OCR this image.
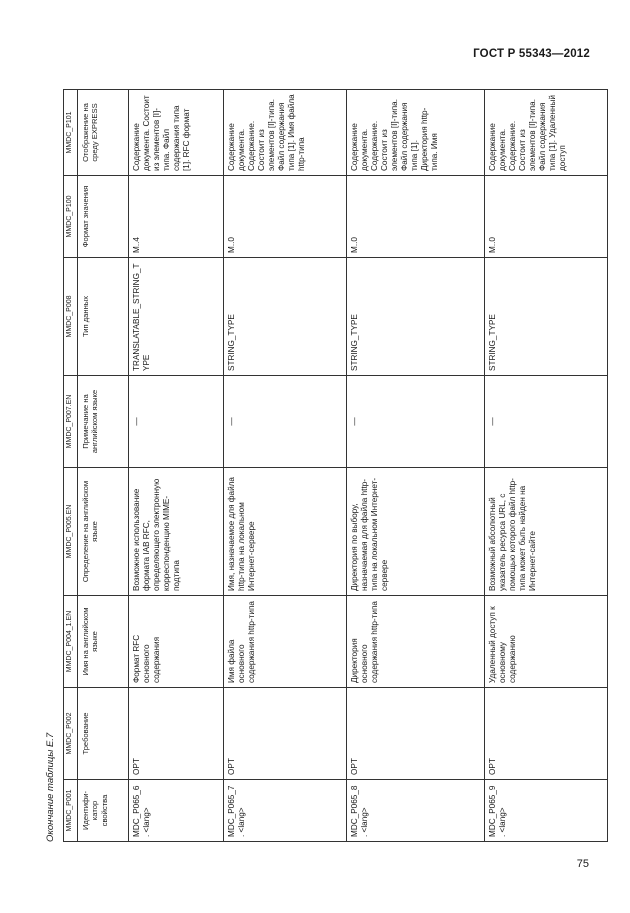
ГОСТ Р 55343—2012
Окончание таблицы E.7 MMDC_P001	MMDC_P002	MMDC_P004_1.EN	MMDC_P005.EN	MMDC_P007.EN	MMDC_P008	MMDC_P100	MMDC_P101
Идентифи-катор свойства	Требование	Имя на английском языке	Определение на английском языке	Примечание на английском языке	Тип данных	Формат значения	Отображение на среду EXPRESS
MDC_P065_6. <lang>	OPT	Формат RFC основного содержания	Возможное использование формата IAB RFC, определяющего электронную корреспонденцию MIME-подтипа	—	TRANSLATABLE_STRING_TYPE	M..4	Содержание документа. Состоит из элементов [I]-типа. Файл содержания типа [1]. RFC формат
MDC_P065_7. <lang>	OPT	Имя файла основного содержания http-типа	Имя, назначаемое для файла http-типа на локальном Интернет-сервере	—	STRING_TYPE	M..0	Содержание документа. Содержание. Состоит из элементов [I]-типа. Файл содержания типа [1]. Имя файла http-типа
MDC_P065_8. <lang>	OPT	Директория основного содержания http-типа	Директория по выбору, назначаемая для файла http-типа на локальном Интернет-сервере	—	STRING_TYPE	M..0	Содержание документа. Содержание. Состоит из элементов [I]-типа. Файл содержания типа [1]. Директория http-типа. Имя
MDC_P065_9. <lang>	OPT	Удаленный доступ к основному содержанию	Возможный абсолютный указатель ресурса URL, с помощью которого файл http-типа может быть найден на Интернет-сайте	—	STRING_TYPE	M..0	Содержание документа. Содержание. Состоит из элементов [I]-типа. Файл содержания типа [1]. Удаленный доступ
75
